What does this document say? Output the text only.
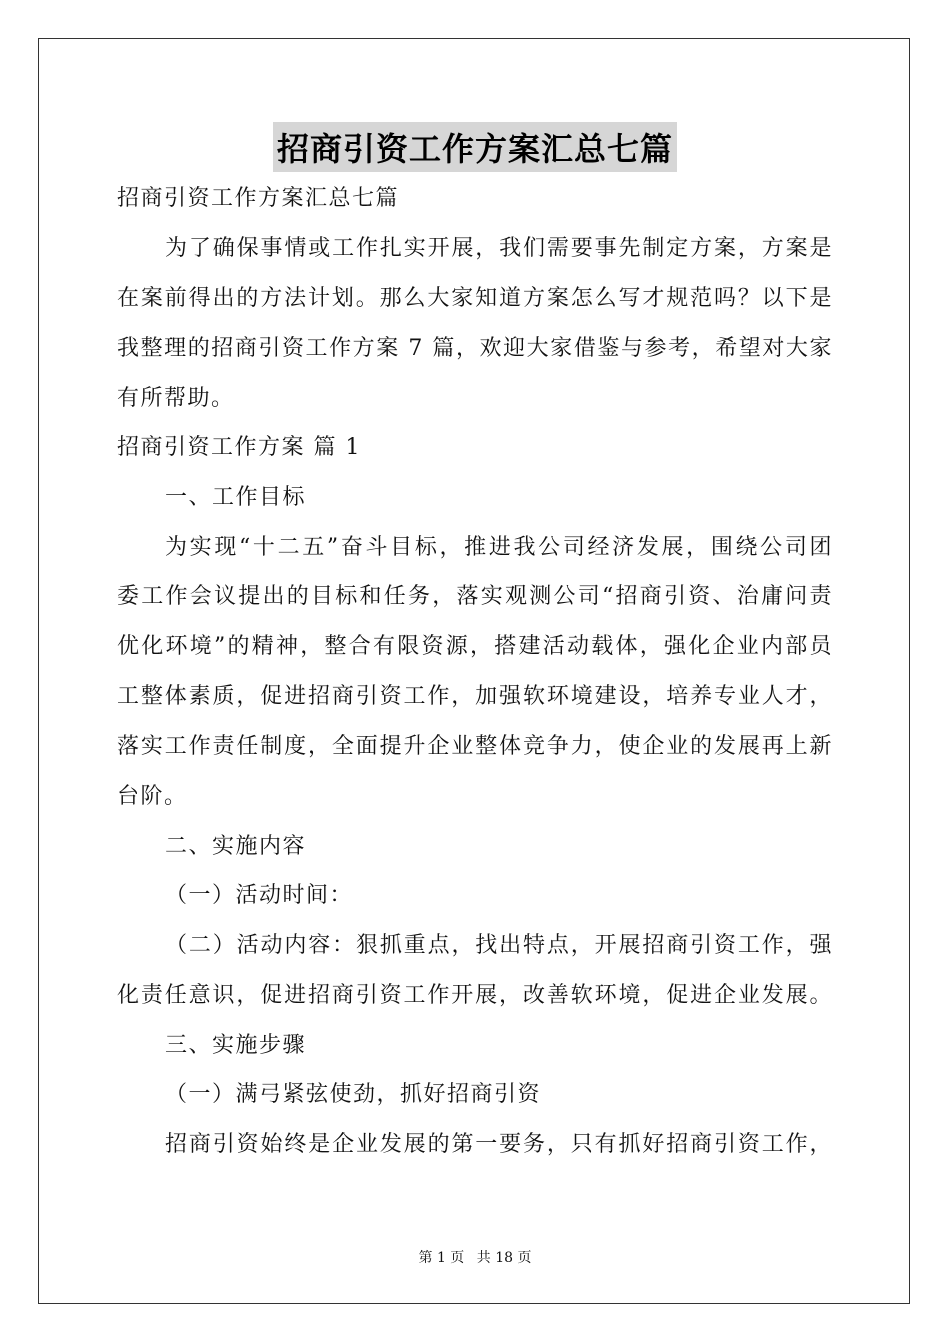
招商引资工作方案汇总七篇
招商引资工作方案汇总七篇
为了确保事情或工作扎实开展，我们需要事先制定方案，方案是
在案前得出的方法计划。那么大家知道方案怎么写才规范吗？以下是
我整理的招商引资工作方案 7 篇，欢迎大家借鉴与参考，希望对大家
有所帮助。
招商引资工作方案 篇 1
一、工作目标
为实现“十二五”奋斗目标，推进我公司经济发展，围绕公司团
委工作会议提出的目标和任务，落实观测公司“招商引资、治庸问责
优化环境”的精神，整合有限资源，搭建活动载体，强化企业内部员
工整体素质，促进招商引资工作，加强软环境建设，培养专业人才，
落实工作责任制度，全面提升企业整体竞争力，使企业的发展再上新
台阶。
二、实施内容
（一）活动时间：
（二）活动内容：狠抓重点，找出特点，开展招商引资工作，强
化责任意识，促进招商引资工作开展，改善软环境，促进企业发展。
三、实施步骤
（一）满弓紧弦使劲，抓好招商引资
招商引资始终是企业发展的第一要务，只有抓好招商引资工作，
第 1 页 共 18 页
